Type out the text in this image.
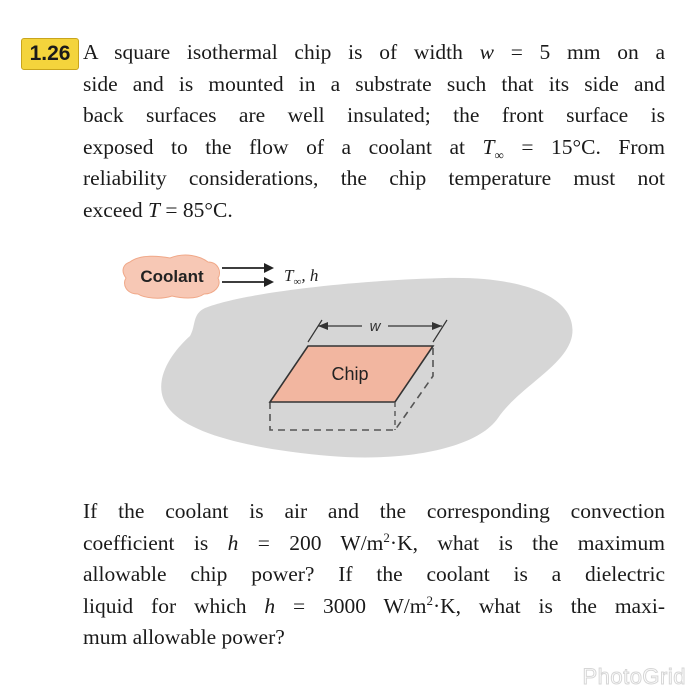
1.26 A square isothermal chip is of width w = 5 mm on a
side and is mounted in a substrate such that its side and
back surfaces are well insulated; the front surface is
exposed to the flow of a coolant at $T_\infty = 15^\circ C$. From
reliability considerations, the chip temperature must not
exceed T = 85°C.
w
Chip
Coolant	$T_\infty$, h
If the coolant is air and the corresponding convection
coefficient is h = 200 $W/m^2\cdot K$, what is the maximum
allowable chip power? If the coolant is a dielectric
liquid for which h = 3000 $W/m^2\cdot K$, what is the maxi-
mum allowable power?
PhotoGrid
